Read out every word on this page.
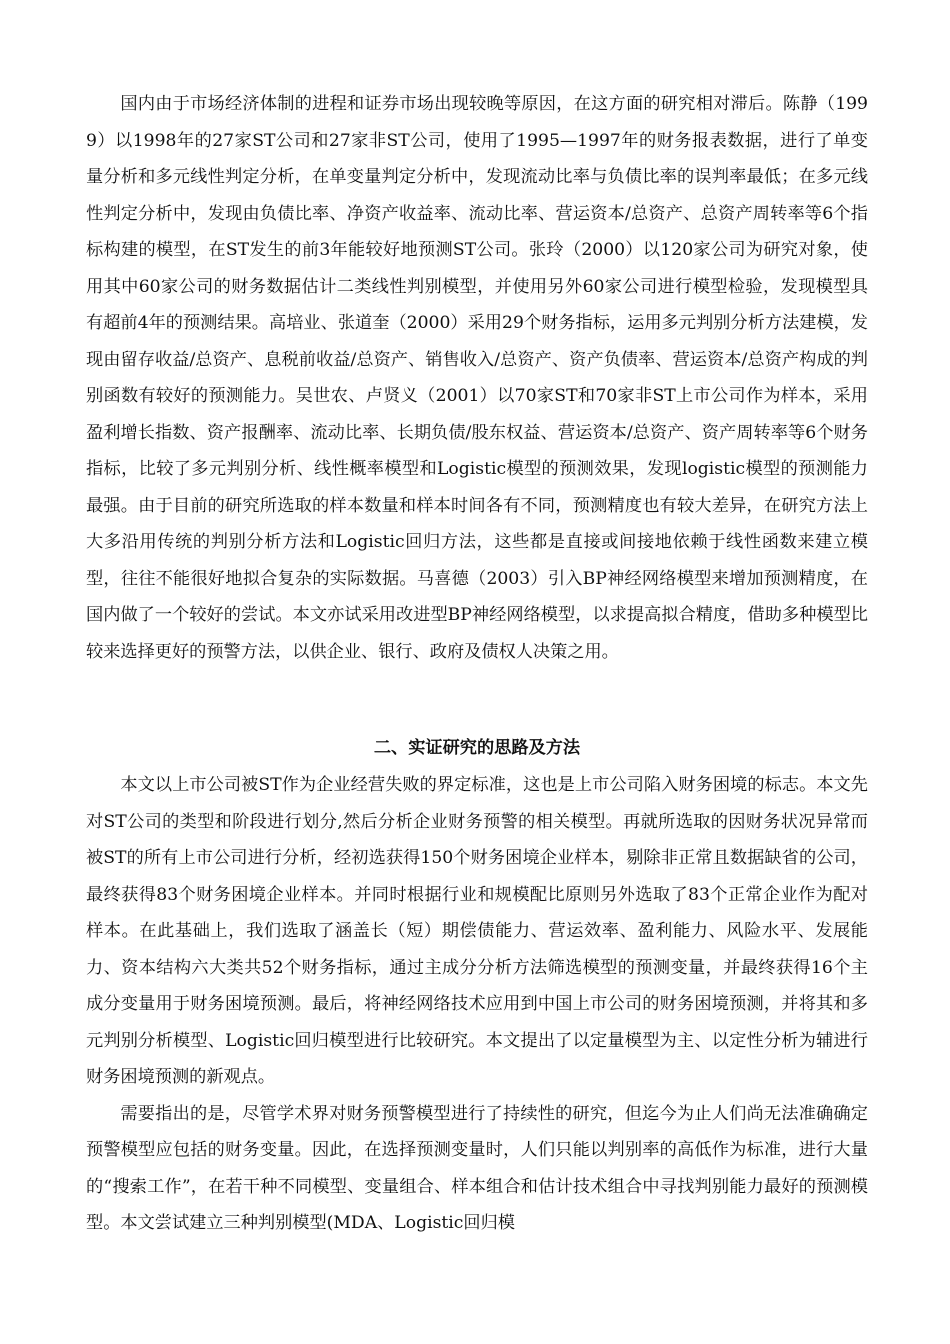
国内由于市场经济体制的进程和证券市场出现较晚等原因，在这方面的研究相对滞后。陈静（1999）以1998年的27家ST公司和27家非ST公司，使用了1995—1997年的财务报表数据，进行了单变量分析和多元线性判定分析，在单变量判定分析中，发现流动比率与负债比率的误判率最低；在多元线性判定分析中，发现由负债比率、净资产收益率、流动比率、营运资本/总资产、总资产周转率等6个指标构建的模型，在ST发生的前3年能较好地预测ST公司。张玲（2000）以120家公司为研究对象，使用其中60家公司的财务数据估计二类线性判别模型，并使用另外60家公司进行模型检验，发现模型具有超前4年的预测结果。高培业、张道奎（2000）采用29个财务指标，运用多元判别分析方法建模，发现由留存收益/总资产、息税前收益/总资产、销售收入/总资产、资产负债率、营运资本/总资产构成的判别函数有较好的预测能力。吴世农、卢贤义（2001）以70家ST和70家非ST上市公司作为样本，采用盈利增长指数、资产报酬率、流动比率、长期负债/股东权益、营运资本/总资产、资产周转率等6个财务指标，比较了多元判别分析、线性概率模型和Logistic模型的预测效果，发现logistic模型的预测能力最强。由于目前的研究所选取的样本数量和样本时间各有不同，预测精度也有较大差异，在研究方法上大多沿用传统的判别分析方法和Logistic回归方法，这些都是直接或间接地依赖于线性函数来建立模型，往往不能很好地拟合复杂的实际数据。马喜德（2003）引入BP神经网络模型来增加预测精度，在国内做了一个较好的尝试。本文亦试采用改进型BP神经网络模型，以求提高拟合精度，借助多种模型比较来选择更好的预警方法，以供企业、银行、政府及债权人决策之用。

二、实证研究的思路及方法

本文以上市公司被ST作为企业经营失败的界定标准，这也是上市公司陷入财务困境的标志。本文先对ST公司的类型和阶段进行划分,然后分析企业财务预警的相关模型。再就所选取的因财务状况异常而被ST的所有上市公司进行分析，经初选获得150个财务困境企业样本，剔除非正常且数据缺省的公司，最终获得83个财务困境企业样本。并同时根据行业和规模配比原则另外选取了83个正常企业作为配对样本。在此基础上，我们选取了涵盖长（短）期偿债能力、营运效率、盈利能力、风险水平、发展能力、资本结构六大类共52个财务指标，通过主成分分析方法筛选模型的预测变量，并最终获得16个主成分变量用于财务困境预测。最后，将神经网络技术应用到中国上市公司的财务困境预测，并将其和多元判别分析模型、Logistic回归模型进行比较研究。本文提出了以定量模型为主、以定性分析为辅进行财务困境预测的新观点。

需要指出的是，尽管学术界对财务预警模型进行了持续性的研究，但迄今为止人们尚无法准确确定预警模型应包括的财务变量。因此，在选择预测变量时，人们只能以判别率的高低作为标准，进行大量的“搜索工作”，在若干种不同模型、变量组合、样本组合和估计技术组合中寻找判别能力最好的预测模型。本文尝试建立三种判别模型(MDA、Logistic回归模
